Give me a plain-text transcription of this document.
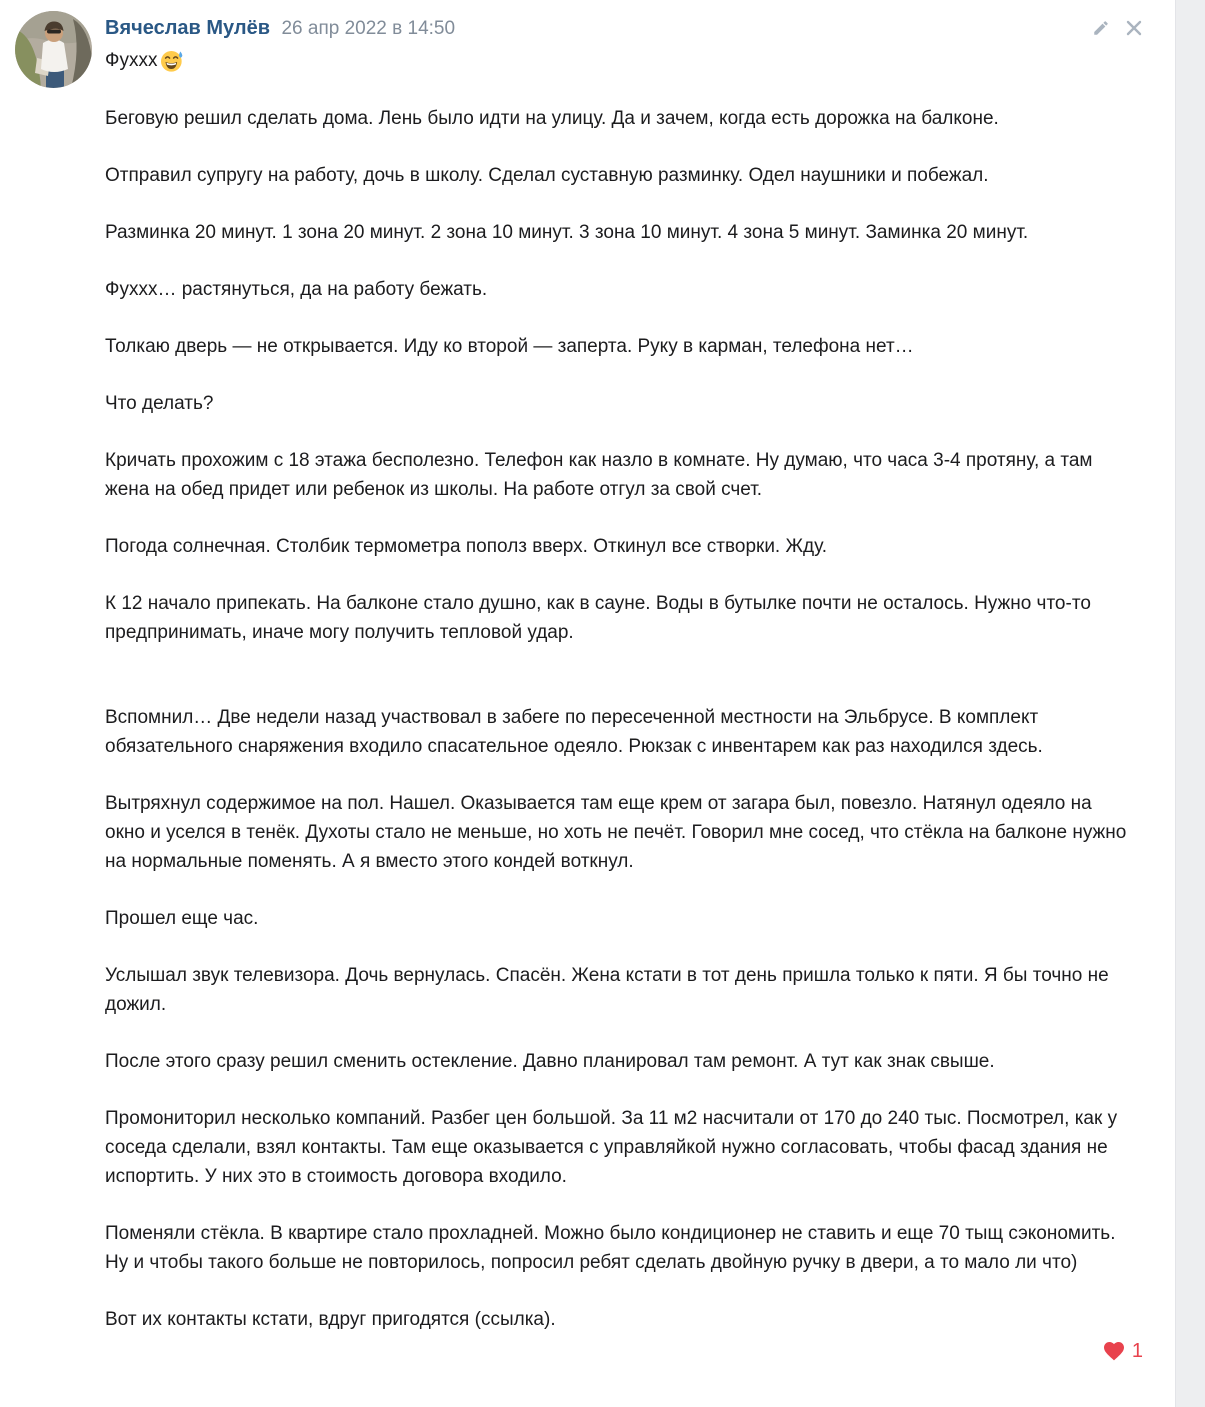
Вячеслав Мулёв 26 апр 2022 в 14:50
Фуххх

Беговую решил сделать дома. Лень было идти на улицу. Да и зачем, когда есть дорожка на балконе.

Отправил супругу на работу, дочь в школу. Сделал суставную разминку. Одел наушники и побежал.

Разминка 20 минут. 1 зона 20 минут. 2 зона 10 минут. 3 зона 10 минут. 4 зона 5 минут. Заминка 20 минут.

Фуххх… растянуться, да на работу бежать.

Толкаю дверь — не открывается. Иду ко второй — заперта. Руку в карман, телефона нет…

Что делать?

Кричать прохожим с 18 этажа бесполезно. Телефон как назло в комнате. Ну думаю, что часа 3-4 протяну, а там жена на обед придет или ребенок из школы. На работе отгул за свой счет.

Погода солнечная. Столбик термометра пополз вверх. Откинул все створки. Жду.

К 12 начало припекать. На балконе стало душно, как в сауне. Воды в бутылке почти не осталось. Нужно что-то предпринимать, иначе могу получить тепловой удар.

Вспомнил… Две недели назад участвовал в забеге по пересеченной местности на Эльбрусе. В комплект обязательного снаряжения входило спасательное одеяло. Рюкзак с инвентарем как раз находился здесь.

Вытряхнул содержимое на пол. Нашел. Оказывается там еще крем от загара был, повезло. Натянул одеяло на окно и уселся в тенёк. Духоты стало не меньше, но хоть не печёт. Говорил мне сосед, что стёкла на балконе нужно на нормальные поменять. А я вместо этого кондей воткнул.

Прошел еще час.

Услышал звук телевизора. Дочь вернулась. Спасён. Жена кстати в тот день пришла только к пяти. Я бы точно не дожил.

После этого сразу решил сменить остекление. Давно планировал там ремонт. А тут как знак свыше.

Промониторил несколько компаний. Разбег цен большой. За 11 м2 насчитали от 170 до 240 тыс. Посмотрел, как у соседа сделали, взял контакты. Там еще оказывается с управляйкой нужно согласовать, чтобы фасад здания не испортить. У них это в стоимость договора входило.

Поменяли стёкла. В квартире стало прохладней. Можно было кондиционер не ставить и еще 70 тыщ сэкономить. Ну и чтобы такого больше не повторилось, попросил ребят сделать двойную ручку в двери, а то мало ли что)

Вот их контакты кстати, вдруг пригодятся (ссылка).

1
